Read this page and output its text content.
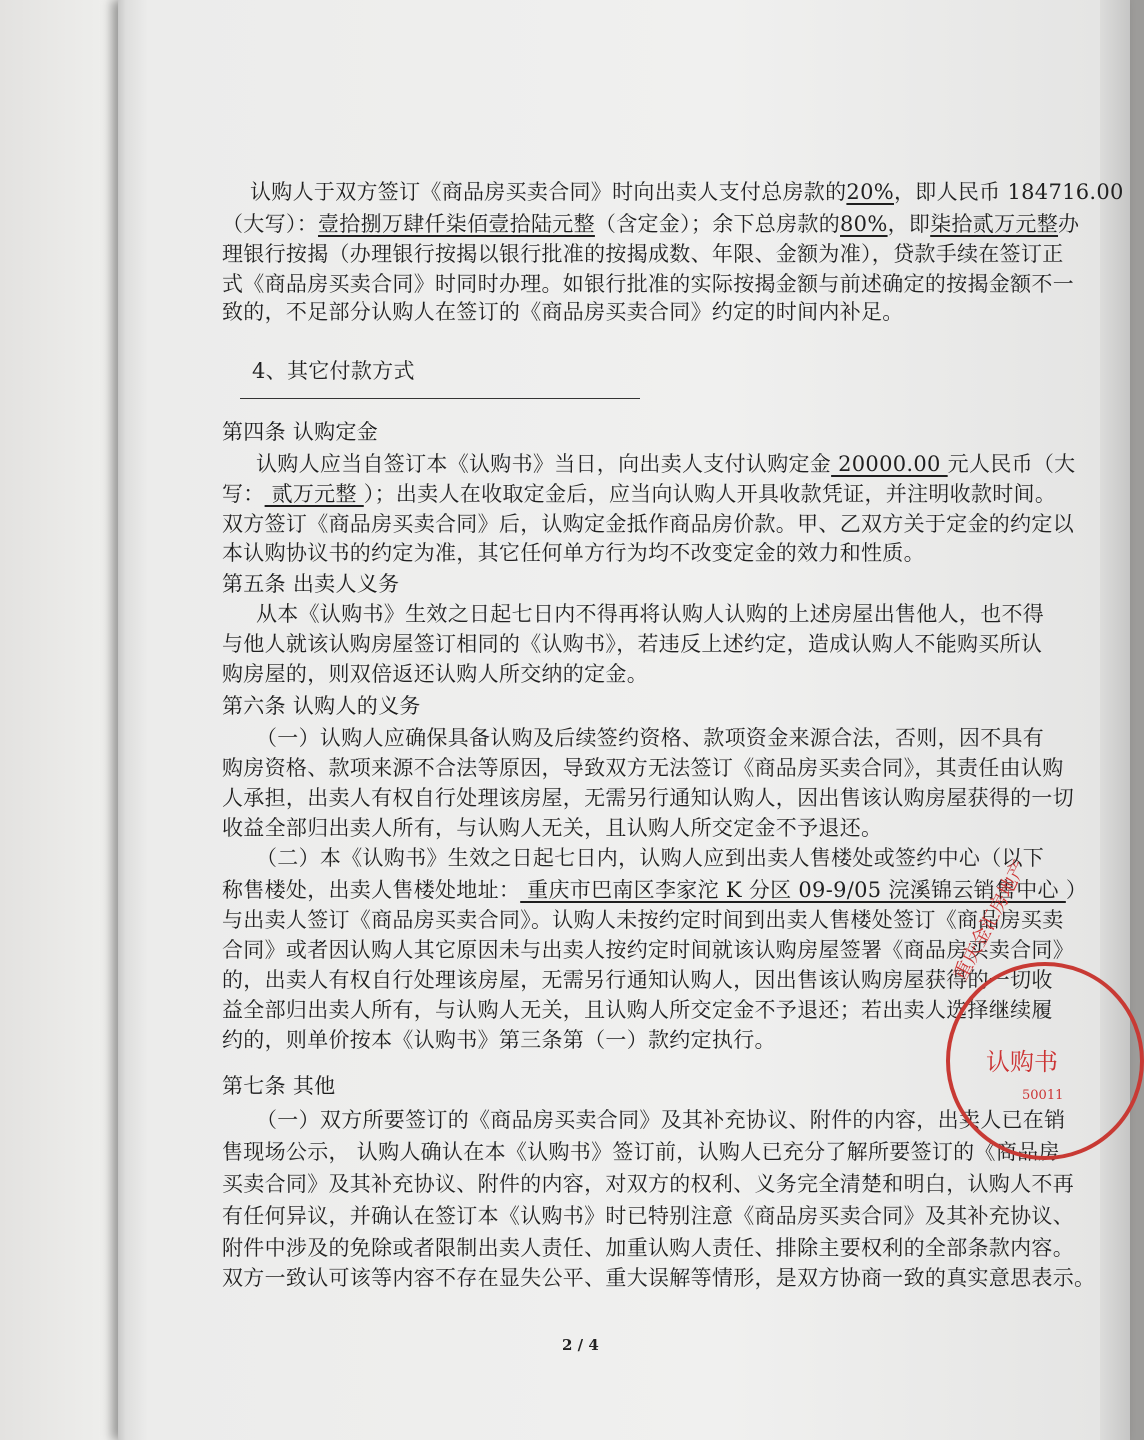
认购人于双方签订《商品房买卖合同》时向出卖人支付总房款的20%，即人民币 184716.00
（大写）：壹拾捌万肆仟柒佰壹拾陆元整（含定金）；余下总房款的80%，即柒拾贰万元整办
理银行按揭（办理银行按揭以银行批准的按揭成数、年限、金额为准），贷款手续在签订正
式《商品房买卖合同》时同时办理。如银行批准的实际按揭金额与前述确定的按揭金额不一
致的，不足部分认购人在签订的《商品房买卖合同》约定的时间内补足。
4、其它付款方式
第四条 认购定金
认购人应当自签订本《认购书》当日，向出卖人支付认购定金 20000.00 元人民币（大
写： 贰万元整 ）；出卖人在收取定金后，应当向认购人开具收款凭证，并注明收款时间。
双方签订《商品房买卖合同》后，认购定金抵作商品房价款。甲、乙双方关于定金的约定以
本认购协议书的约定为准，其它任何单方行为均不改变定金的效力和性质。
第五条 出卖人义务
从本《认购书》生效之日起七日内不得再将认购人认购的上述房屋出售他人，也不得
与他人就该认购房屋签订相同的《认购书》，若违反上述约定，造成认购人不能购买所认
购房屋的，则双倍返还认购人所交纳的定金。
第六条 认购人的义务
（一）认购人应确保具备认购及后续签约资格、款项资金来源合法，否则，因不具有
购房资格、款项来源不合法等原因，导致双方无法签订《商品房买卖合同》，其责任由认购
人承担，出卖人有权自行处理该房屋，无需另行通知认购人，因出售该认购房屋获得的一切
收益全部归出卖人所有，与认购人无关，且认购人所交定金不予退还。
（二）本《认购书》生效之日起七日内，认购人应到出卖人售楼处或签约中心（以下
称售楼处，出卖人售楼处地址： 重庆市巴南区李家沱 K 分区 09-9/05 浣溪锦云销售中心 ）
与出卖人签订《商品房买卖合同》。认购人未按约定时间到出卖人售楼处签订《商品房买卖
合同》或者因认购人其它原因未与出卖人按约定时间就该认购房屋签署《商品房买卖合同》
的，出卖人有权自行处理该房屋，无需另行通知认购人，因出售该认购房屋获得的一切收
益全部归出卖人所有，与认购人无关，且认购人所交定金不予退还；若出卖人选择继续履
约的，则单价按本《认购书》第三条第（一）款约定执行。
第七条 其他
（一）双方所要签订的《商品房买卖合同》及其补充协议、附件的内容，出卖人已在销
售现场公示， 认购人确认在本《认购书》签订前，认购人已充分了解所要签订的《商品房
买卖合同》及其补充协议、附件的内容，对双方的权利、义务完全清楚和明白，认购人不再
有任何异议，并确认在签订本《认购书》时已特别注意《商品房买卖合同》及其补充协议、
附件中涉及的免除或者限制出卖人责任、加重认购人责任、排除主要权利的全部条款内容。
双方一致认可该等内容不存在显失公平、重大误解等情形，是双方协商一致的真实意思表示。
重庆金汇房地产
认购书
50011
2 / 4
